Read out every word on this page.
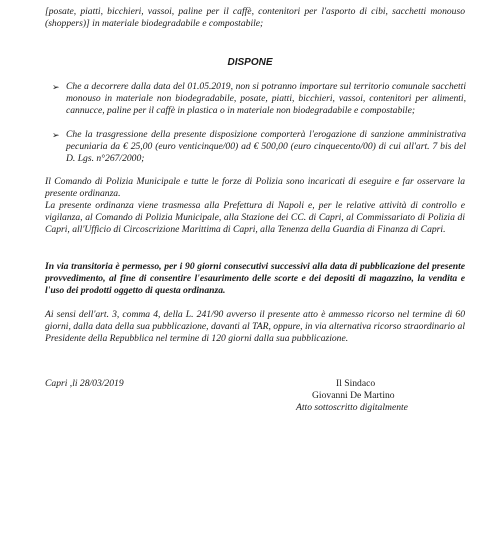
[posate, piatti, bicchieri, vassoi, paline per il caffè, contenitori per l'asporto di cibi, sacchetti monouso (shoppers)] in materiale biodegradabile e compostabile;

DISPONE

➢ Che a decorrere dalla data del 01.05.2019, non si potranno importare sul territorio comunale sacchetti monouso in materiale non biodegradabile, posate, piatti, bicchieri, vassoi, contenitori per alimenti, cannucce, paline per il caffè in plastica o in materiale non biodegradabile e compostabile;
➢ Che la trasgressione della presente disposizione comporterà l'erogazione di sanzione amministrativa pecuniaria da € 25,00 (euro venticinque/00) ad € 500,00 (euro cinquecento/00) di cui all'art. 7 bis del D. Lgs. n°267/2000;

Il Comando di Polizia Municipale e tutte le forze di Polizia sono incaricati di eseguire e far osservare la presente ordinanza.

La presente ordinanza viene trasmessa alla Prefettura di Napoli e, per le relative attività di controllo e vigilanza, al Comando di Polizia Municipale, alla Stazione dei CC. di Capri, al Commissariato di Polizia di Capri, all'Ufficio di Circoscrizione Marittima di Capri, alla Tenenza della Guardia di Finanza di Capri.

In via transitoria è permesso, per i 90 giorni consecutivi successivi alla data di pubblicazione del presente provvedimento, al fine di consentire l'esaurimento delle scorte e dei depositi di magazzino, la vendita e l'uso dei prodotti oggetto di questa ordinanza.

Ai sensi dell'art. 3, comma 4, della L. 241/90 avverso il presente atto è ammesso ricorso nel termine di 60 giorni, dalla data della sua pubblicazione, davanti al TAR, oppure, in via alternativa ricorso straordinario al Presidente della Repubblica nel termine di 120 giorni dalla sua pubblicazione.

Capri ,li 28/03/2019	Il Sindaco
Giovanni De Martino
Atto sottoscritto digitalmente
